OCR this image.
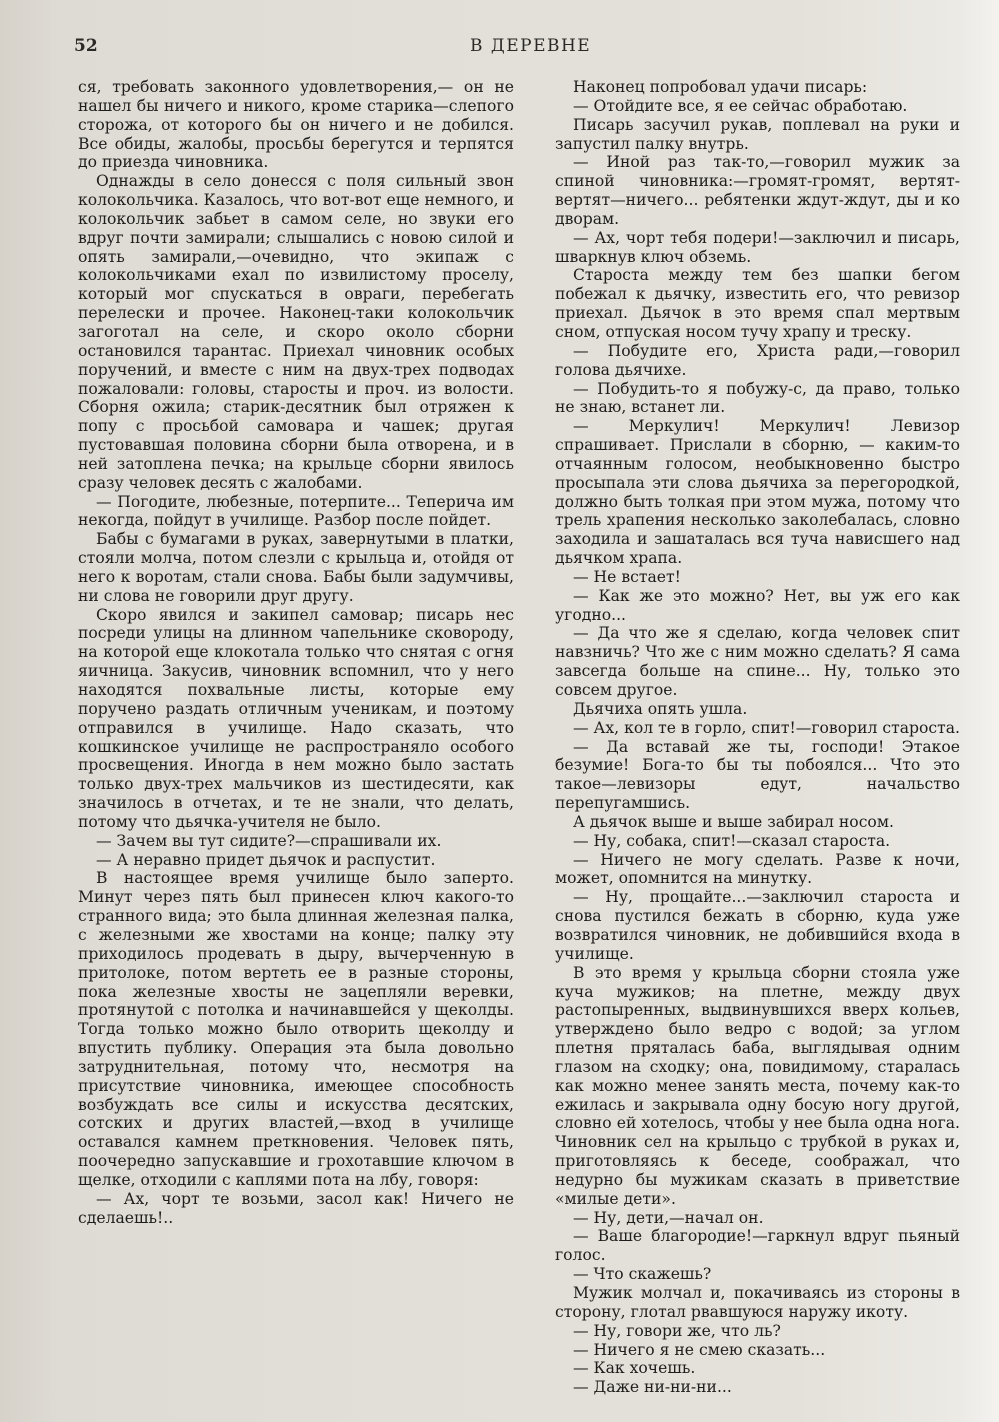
52	В ДЕРЕВНЕ

ся, требовать законного удовлетворения,— он не нашел бы ничего и никого, кроме старика—слепого сторожа, от которого бы он ничего и не добился. Все обиды, жалобы, просьбы берегутся и терпятся до приезда чиновника.

Однажды в село донесся с поля сильный звон колокольчика. Казалось, что вот-вот еще немного, и колокольчик забьет в самом селе, но звуки его вдруг почти замирали; слышались с новою силой и опять замирали,—очевидно, что экипаж с колокольчиками ехал по извилистому проселу, который мог спускаться в овраги, перебегать перелески и прочее. Наконец-таки колокольчик загоготал на селе, и скоро около сборни остановился тарантас. Приехал чиновник особых поручений, и вместе с ним на двух-трех подводах пожаловали: головы, старосты и проч. из волости. Сборня ожила; старик-десятник был отряжен к попу с просьбой самовара и чашек; другая пустовавшая половина сборни была отворена, и в ней затоплена печка; на крыльце сборни явилось сразу человек десять с жалобами.

— Погодите, любезные, потерпите... Теперича им некогда, пойдут в училище. Разбор после пойдет.

Бабы с бумагами в руках, завернутыми в платки, стояли молча, потом слезли с крыльца и, отойдя от него к воротам, стали снова. Бабы были задумчивы, ни слова не говорили друг другу.

Скоро явился и закипел самовар; писарь нес посреди улицы на длинном чапельнике сковороду, на которой еще клокотала только что снятая с огня яичница. Закусив, чиновник вспомнил, что у него находятся похвальные листы, которые ему поручено раздать отличным ученикам, и поэтому отправился в училище. Надо сказать, что кошкинское училище не распространяло особого просвещения. Иногда в нем можно было застать только двух-трех мальчиков из шестидесяти, как значилось в отчетах, и те не знали, что делать, потому что дьячка-учителя не было.

— Зачем вы тут сидите?—спрашивали их.

— А неравно придет дьячок и распустит.

В настоящее время училище было заперто. Минут через пять был принесен ключ какого-то странного вида; это была длинная железная палка, с железными же хвостами на конце; палку эту приходилось продевать в дыру, вычерченную в притолоке, потом вертеть ее в разные стороны, пока железные хвосты не зацепляли веревки, протянутой с потолка и начинавшейся у щеколды. Тогда только можно было отворить щеколду и впустить публику. Операция эта была довольно затруднительная, потому что, несмотря на присутствие чиновника, имеющее способность возбуждать все силы и искусства десятских, сотских и других властей,—вход в училище оставался камнем преткновения. Человек пять, поочередно запускавшие и грохотавшие ключом в щелке, отходили с каплями пота на лбу, говоря:

— Ах, чорт те возьми, засол как! Ничего не сделаешь!..

Наконец попробовал удачи писарь:

— Отойдите все, я ее сейчас обработаю.

Писарь засучил рукав, поплевал на руки и запустил палку внутрь.

— Иной раз так-то,—говорил мужик за спиной чиновника:—громят-громят, вертят-вертят—ничего... ребятенки ждут-ждут, ды и ко дворам.

— Ах, чорт тебя подери!—заключил и писарь, шваркнув ключ обземь.

Староста между тем без шапки бегом побежал к дьячку, известить его, что ревизор приехал. Дьячок в это время спал мертвым сном, отпуская носом тучу храпу и треску.

— Побудите его, Христа ради,—говорил голова дьячихе.

— Побудить-то я побужу-с, да право, только не знаю, встанет ли.

— Меркулич! Меркулич! Левизор спрашивает. Прислали в сборню, — каким-то отчаянным голосом, необыкновенно быстро просыпала эти слова дьячиха за перегородкой, должно быть толкая при этом мужа, потому что трель храпения несколько заколебалась, словно заходила и зашаталась вся туча нависшего над дьячком храпа.

— Не встает!

— Как же это можно? Нет, вы уж его как угодно...

— Да что же я сделаю, когда человек спит навзничь? Что же с ним можно сделать? Я сама завсегда больше на спине... Ну, только это совсем другое.

Дьячиха опять ушла.

— Ах, кол те в горло, спит!—говорил староста.

— Да вставай же ты, господи! Этакое безумие! Бога-то бы ты побоялся... Что это такое—левизоры едут, начальство перепугамшись.

А дьячок выше и выше забирал носом.

— Ну, собака, спит!—сказал староста.

— Ничего не могу сделать. Разве к ночи, может, опомнится на минутку.

— Ну, прощайте...—заключил староста и снова пустился бежать в сборню, куда уже возвратился чиновник, не добившийся входа в училище.

В это время у крыльца сборни стояла уже куча мужиков; на плетне, между двух растопыренных, выдвинувшихся вверх кольев, утверждено было ведро с водой; за углом плетня пряталась баба, выглядывая одним глазом на сходку; она, повидимому, старалась как можно менее занять места, почему как-то ежилась и закрывала одну босую ногу другой, словно ей хотелось, чтобы у нее была одна нога. Чиновник сел на крыльцо с трубкой в руках и, приготовляясь к беседе, соображал, что недурно бы мужикам сказать в приветствие «милые дети».

— Ну, дети,—начал он.

— Ваше благородие!—гаркнул вдруг пьяный голос.

— Что скажешь?

Мужик молчал и, покачиваясь из стороны в сторону, глотал рвавшуюся наружу икоту.

— Ну, говори же, что ль?

— Ничего я не смею сказать...

— Как хочешь.

— Даже ни-ни-ни...
